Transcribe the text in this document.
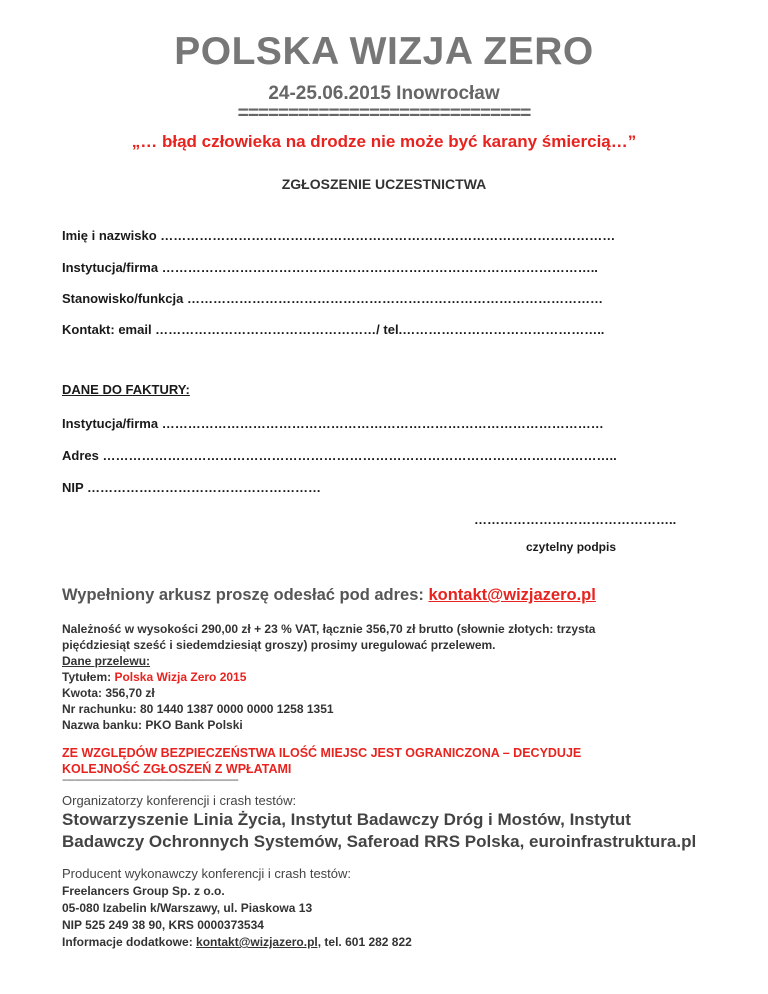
POLSKA WIZJA ZERO
24-25.06.2015 Inowrocław
=============================
„… błąd człowieka na drodze nie może być karany śmiercią…”
ZGŁOSZENIE UCZESTNICTWA
Imię i nazwisko ……………………………………………………………………………………………
Instytucja/firma ………………………………………………………………………………………..
Stanowisko/funkcja ……………………………………………………………………………………
Kontakt: email ……………………………………………/ tel.………………………………………..
DANE DO FAKTURY:
Instytucja/firma …………………………………………………………………………………………
Adres ………………………………………………………………………………………………………..
NIP ………………………………………………
………………………………………..
czytelny podpis
Wypełniony arkusz proszę odesłać pod adres: kontakt@wizjazero.pl
Należność w wysokości 290,00 zł + 23 % VAT, łącznie 356,70 zł brutto (słownie złotych: trzysta
pięćdziesiąt sześć i siedemdziesiąt groszy) prosimy uregulować przelewem.
Dane przelewu:
Tytułem: Polska Wizja Zero 2015
Kwota: 356,70 zł
Nr rachunku: 80 1440 1387 0000 0000 1258 1351
Nazwa banku: PKO Bank Polski
ZE WZGLĘDÓW BEZPIECZEŃSTWA ILOŚĆ MIEJSC JEST OGRANICZONA – DECYDUJE
KOLEJNOŚĆ ZGŁOSZEŃ Z WPŁATAMI
------------------------------------------------------------------
Organizatorzy konferencji i crash testów:
Stowarzyszenie Linia Życia, Instytut Badawczy Dróg i Mostów, Instytut
Badawczy Ochronnych Systemów, Saferoad RRS Polska, euroinfrastruktura.pl
Producent wykonawczy konferencji i crash testów:
Freelancers Group Sp. z o.o.
05-080 Izabelin k/Warszawy, ul. Piaskowa 13
NIP 525 249 38 90, KRS 0000373534
Informacje dodatkowe: kontakt@wizjazero.pl, tel. 601 282 822
